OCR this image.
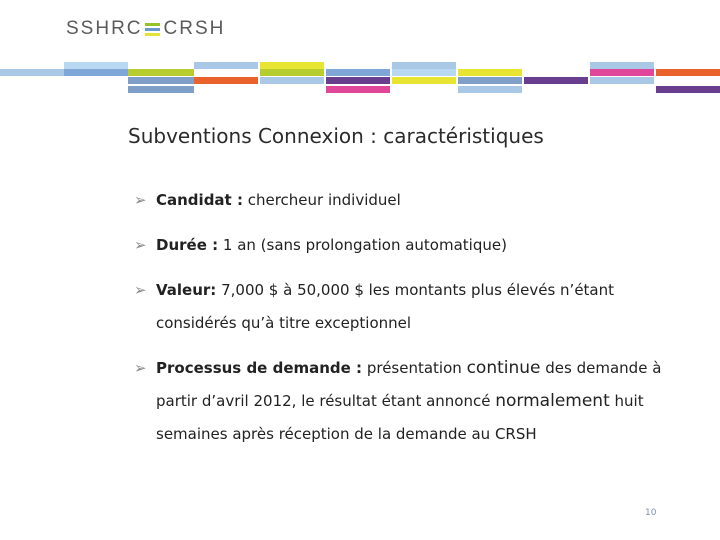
SSHRC CRSH
Subventions Connexion : caractéristiques
➢ Candidat : chercheur individuel
➢ Durée : 1 an (sans prolongation automatique)
➢ Valeur: 7,000 $ à 50,000 $ les montants plus élevés n’étant considérés qu’à titre exceptionnel
➢ Processus de demande : présentation continue des demande à partir d’avril 2012, le résultat étant annoncé normalement huit semaines après réception de la demande au CRSH
10
